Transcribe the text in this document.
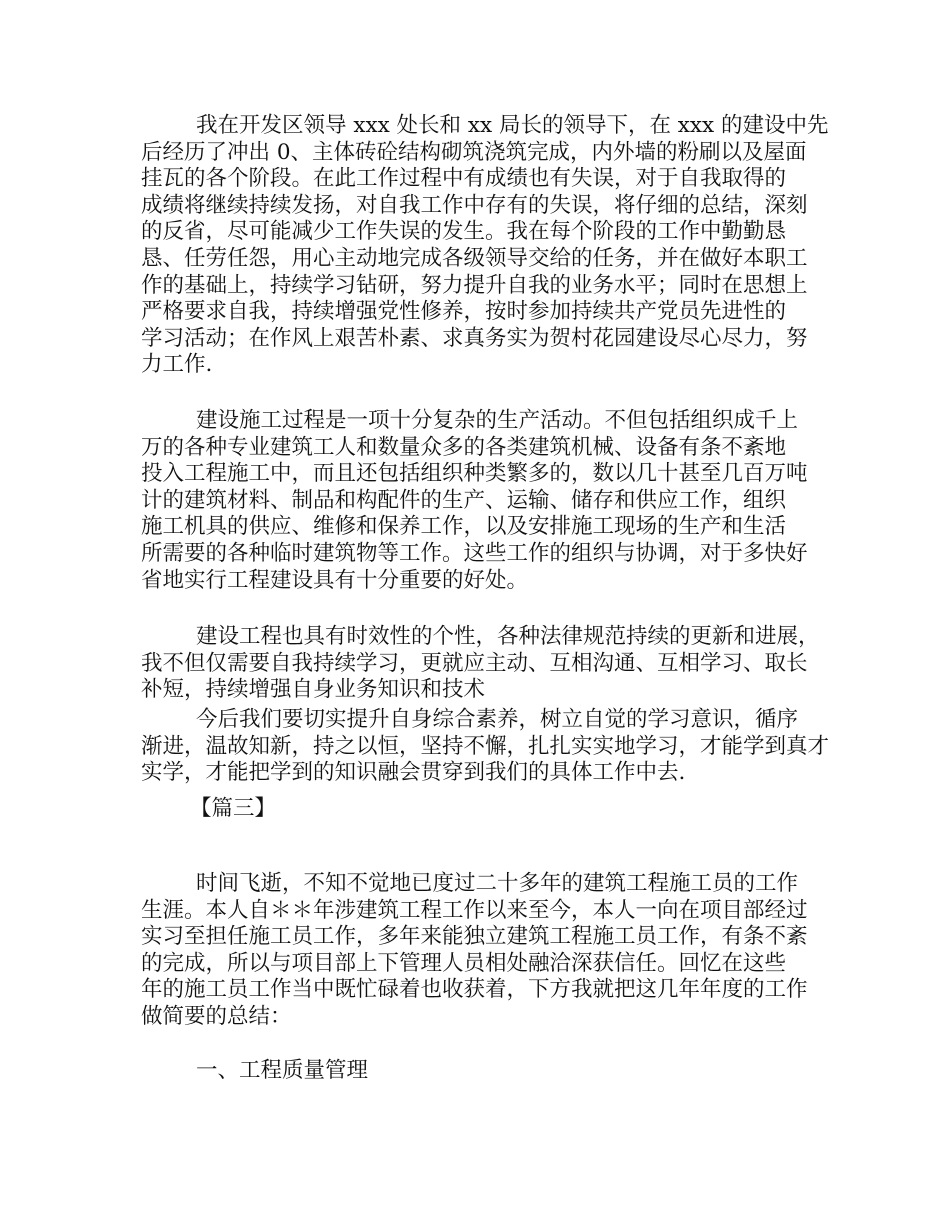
我在开发区领导 xxx 处长和 xx 局长的领导下，在 xxx 的建设中先
后经历了冲出 0、主体砖砼结构砌筑浇筑完成，内外墙的粉刷以及屋面
挂瓦的各个阶段。在此工作过程中有成绩也有失误，对于自我取得的
成绩将继续持续发扬，对自我工作中存有的失误，将仔细的总结，深刻
的反省，尽可能减少工作失误的发生。我在每个阶段的工作中勤勤恳
恳、任劳任怨，用心主动地完成各级领导交给的任务，并在做好本职工
作的基础上，持续学习钻研，努力提升自我的业务水平；同时在思想上
严格要求自我，持续增强党性修养，按时参加持续共产党员先进性的
学习活动；在作风上艰苦朴素、求真务实为贺村花园建设尽心尽力，努
力工作.
建设施工过程是一项十分复杂的生产活动。不但包括组织成千上
万的各种专业建筑工人和数量众多的各类建筑机械、设备有条不紊地
投入工程施工中，而且还包括组织种类繁多的，数以几十甚至几百万吨
计的建筑材料、制品和构配件的生产、运输、储存和供应工作，组织
施工机具的供应、维修和保养工作，以及安排施工现场的生产和生活
所需要的各种临时建筑物等工作。这些工作的组织与协调，对于多快好
省地实行工程建设具有十分重要的好处。
建设工程也具有时效性的个性，各种法律规范持续的更新和进展，
我不但仅需要自我持续学习，更就应主动、互相沟通、互相学习、取长
补短，持续增强自身业务知识和技术
今后我们要切实提升自身综合素养，树立自觉的学习意识，循序
渐进，温故知新，持之以恒，坚持不懈，扎扎实实地学习，才能学到真才
实学，才能把学到的知识融会贯穿到我们的具体工作中去.
【篇三】
时间飞逝，不知不觉地已度过二十多年的建筑工程施工员的工作
生涯。本人自＊＊年涉建筑工程工作以来至今，本人一向在项目部经过
实习至担任施工员工作，多年来能独立建筑工程施工员工作，有条不紊
的完成，所以与项目部上下管理人员相处融洽深获信任。回忆在这些
年的施工员工作当中既忙碌着也收获着，下方我就把这几年年度的工作
做简要的总结：
一、工程质量管理
